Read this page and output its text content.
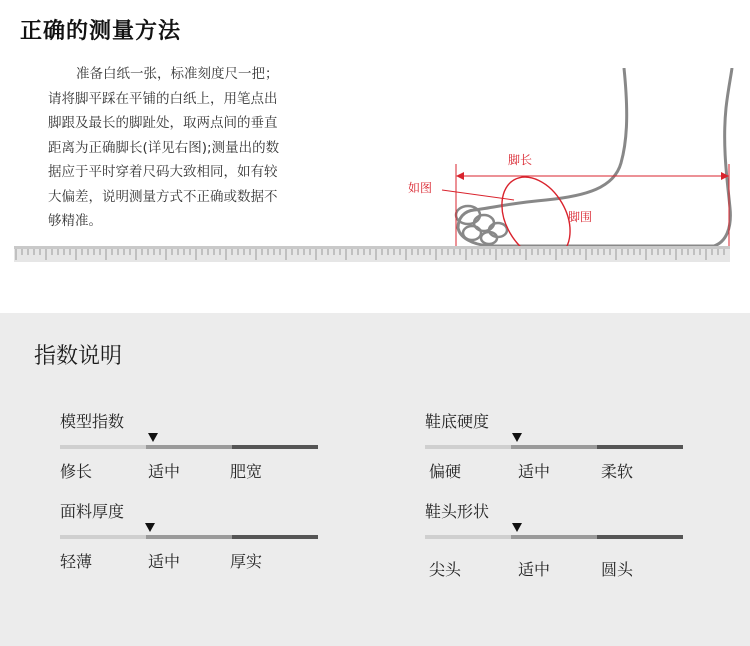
正确的测量方法
准备白纸一张，标准刻度尺一把；
请将脚平踩在平铺的白纸上，用笔点出
脚跟及最长的脚趾处，取两点间的垂直
距离为正确脚长(详见右图);测量出的数
据应于平时穿着尺码大致相同，如有较
大偏差，说明测量方式不正确或数据不
够精准。
脚长
如图
脚围
指数说明
模型指数
修长	适中	肥宽
鞋底硬度
偏硬	适中	柔软
面料厚度
轻薄	适中	厚实
鞋头形状
尖头	适中	圆头
